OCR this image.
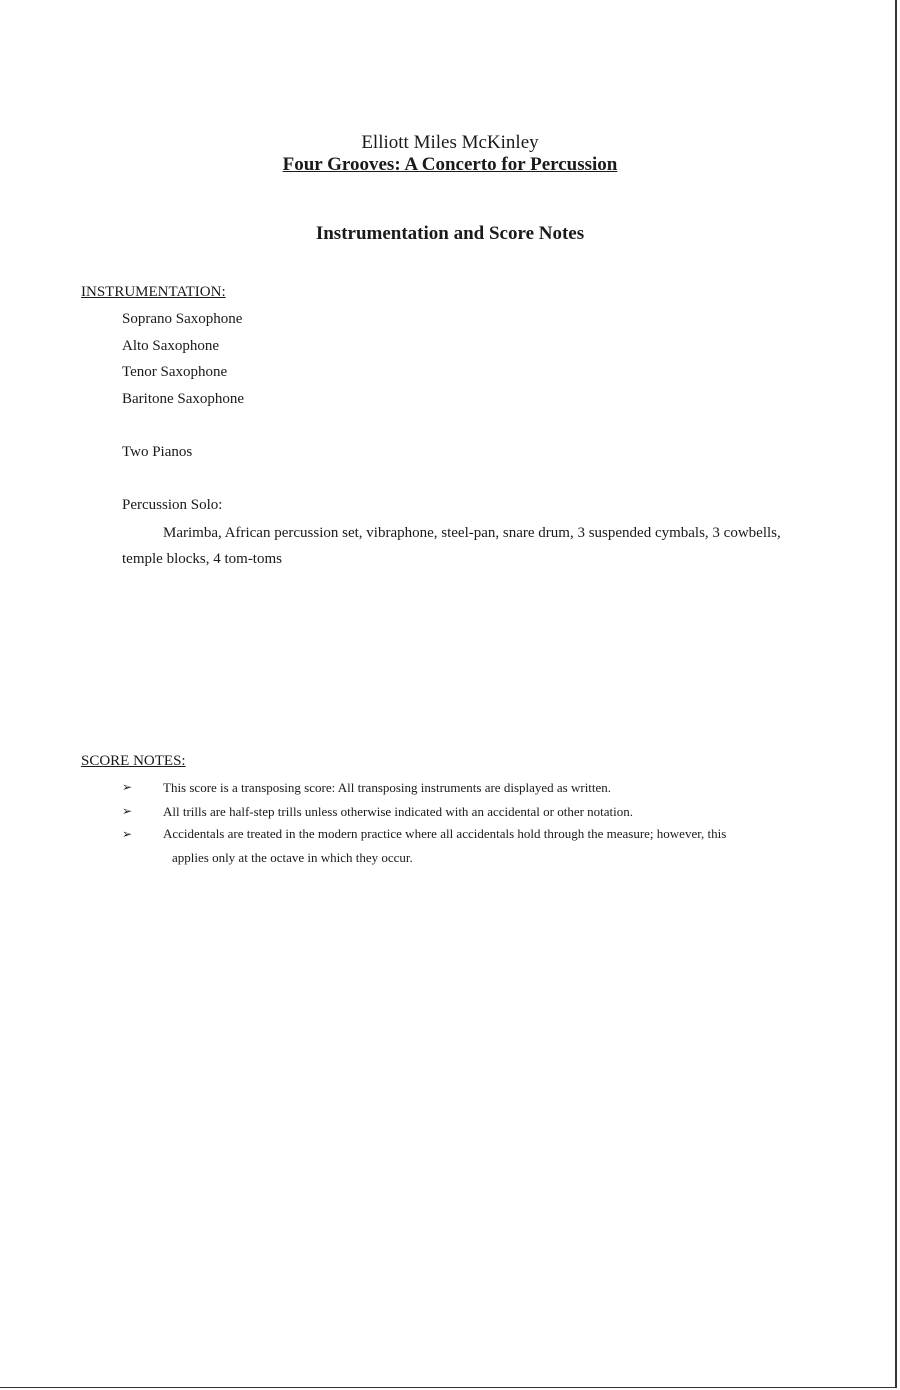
Elliott Miles McKinley
Four Grooves: A Concerto for Percussion
Instrumentation and Score Notes
INSTRUMENTATION:
Soprano Saxophone
Alto Saxophone
Tenor Saxophone
Baritone Saxophone
Two Pianos
Percussion Solo:
Marimba, African percussion set, vibraphone, steel-pan, snare drum, 3 suspended cymbals, 3 cowbells, temple blocks, 4 tom-toms
SCORE NOTES:
➢ This score is a transposing score: All transposing instruments are displayed as written.
➢ All trills are half-step trills unless otherwise indicated with an accidental or other notation.
➢ Accidentals are treated in the modern practice where all accidentals hold through the measure; however, this
applies only at the octave in which they occur.
